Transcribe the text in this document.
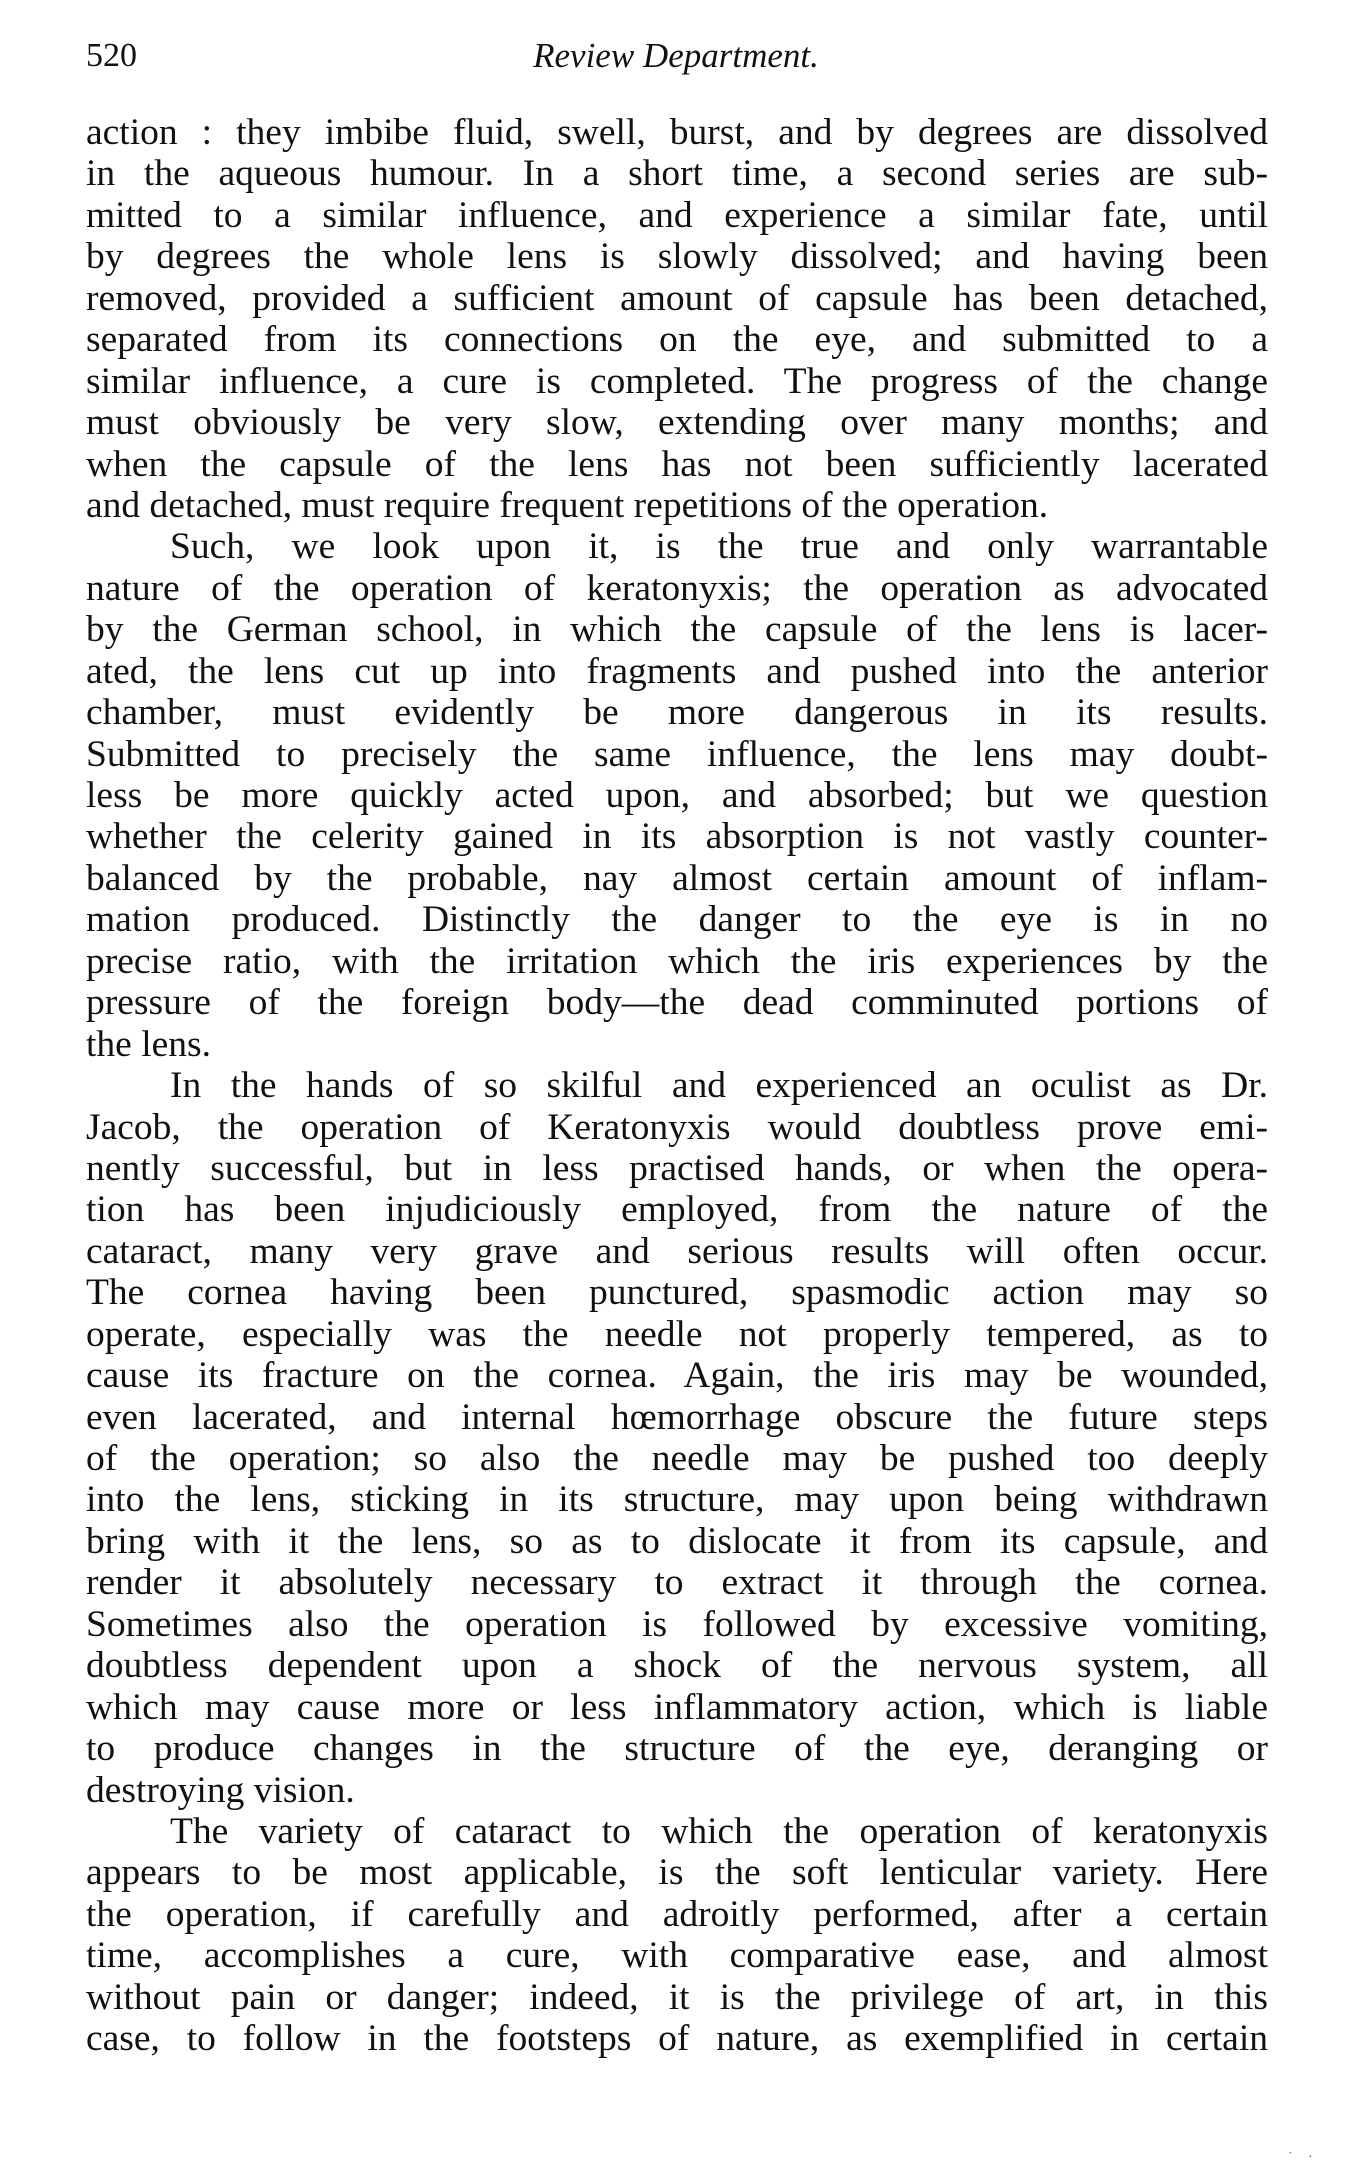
520	Review Department.
action : they imbibe fluid, swell, burst, and by degrees are dissolved
in the aqueous humour. In a short time, a second series are sub-
mitted to a similar influence, and experience a similar fate, until
by degrees the whole lens is slowly dissolved; and having been
removed, provided a sufficient amount of capsule has been detached,
separated from its connections on the eye, and submitted to a
similar influence, a cure is completed. The progress of the change
must obviously be very slow, extending over many months; and
when the capsule of the lens has not been sufficiently lacerated
and detached, must require frequent repetitions of the operation.
Such, we look upon it, is the true and only warrantable
nature of the operation of keratonyxis; the operation as advocated
by the German school, in which the capsule of the lens is lacer-
ated, the lens cut up into fragments and pushed into the anterior
chamber, must evidently be more dangerous in its results.
Submitted to precisely the same influence, the lens may doubt-
less be more quickly acted upon, and absorbed; but we question
whether the celerity gained in its absorption is not vastly counter-
balanced by the probable, nay almost certain amount of inflam-
mation produced. Distinctly the danger to the eye is in no
precise ratio, with the irritation which the iris experiences by the
pressure of the foreign body—the dead comminuted portions of
the lens.
In the hands of so skilful and experienced an oculist as Dr.
Jacob, the operation of Keratonyxis would doubtless prove emi-
nently successful, but in less practised hands, or when the opera-
tion has been injudiciously employed, from the nature of the
cataract, many very grave and serious results will often occur.
The cornea having been punctured, spasmodic action may so
operate, especially was the needle not properly tempered, as to
cause its fracture on the cornea. Again, the iris may be wounded,
even lacerated, and internal hœmorrhage obscure the future steps
of the operation; so also the needle may be pushed too deeply
into the lens, sticking in its structure, may upon being withdrawn
bring with it the lens, so as to dislocate it from its capsule, and
render it absolutely necessary to extract it through the cornea.
Sometimes also the operation is followed by excessive vomiting,
doubtless dependent upon a shock of the nervous system, all
which may cause more or less inflammatory action, which is liable
to produce changes in the structure of the eye, deranging or
destroying vision.
The variety of cataract to which the operation of keratonyxis
appears to be most applicable, is the soft lenticular variety. Here
the operation, if carefully and adroitly performed, after a certain
time, accomplishes a cure, with comparative ease, and almost
without pain or danger; indeed, it is the privilege of art, in this
case, to follow in the footsteps of nature, as exemplified in certain
˙ ·
